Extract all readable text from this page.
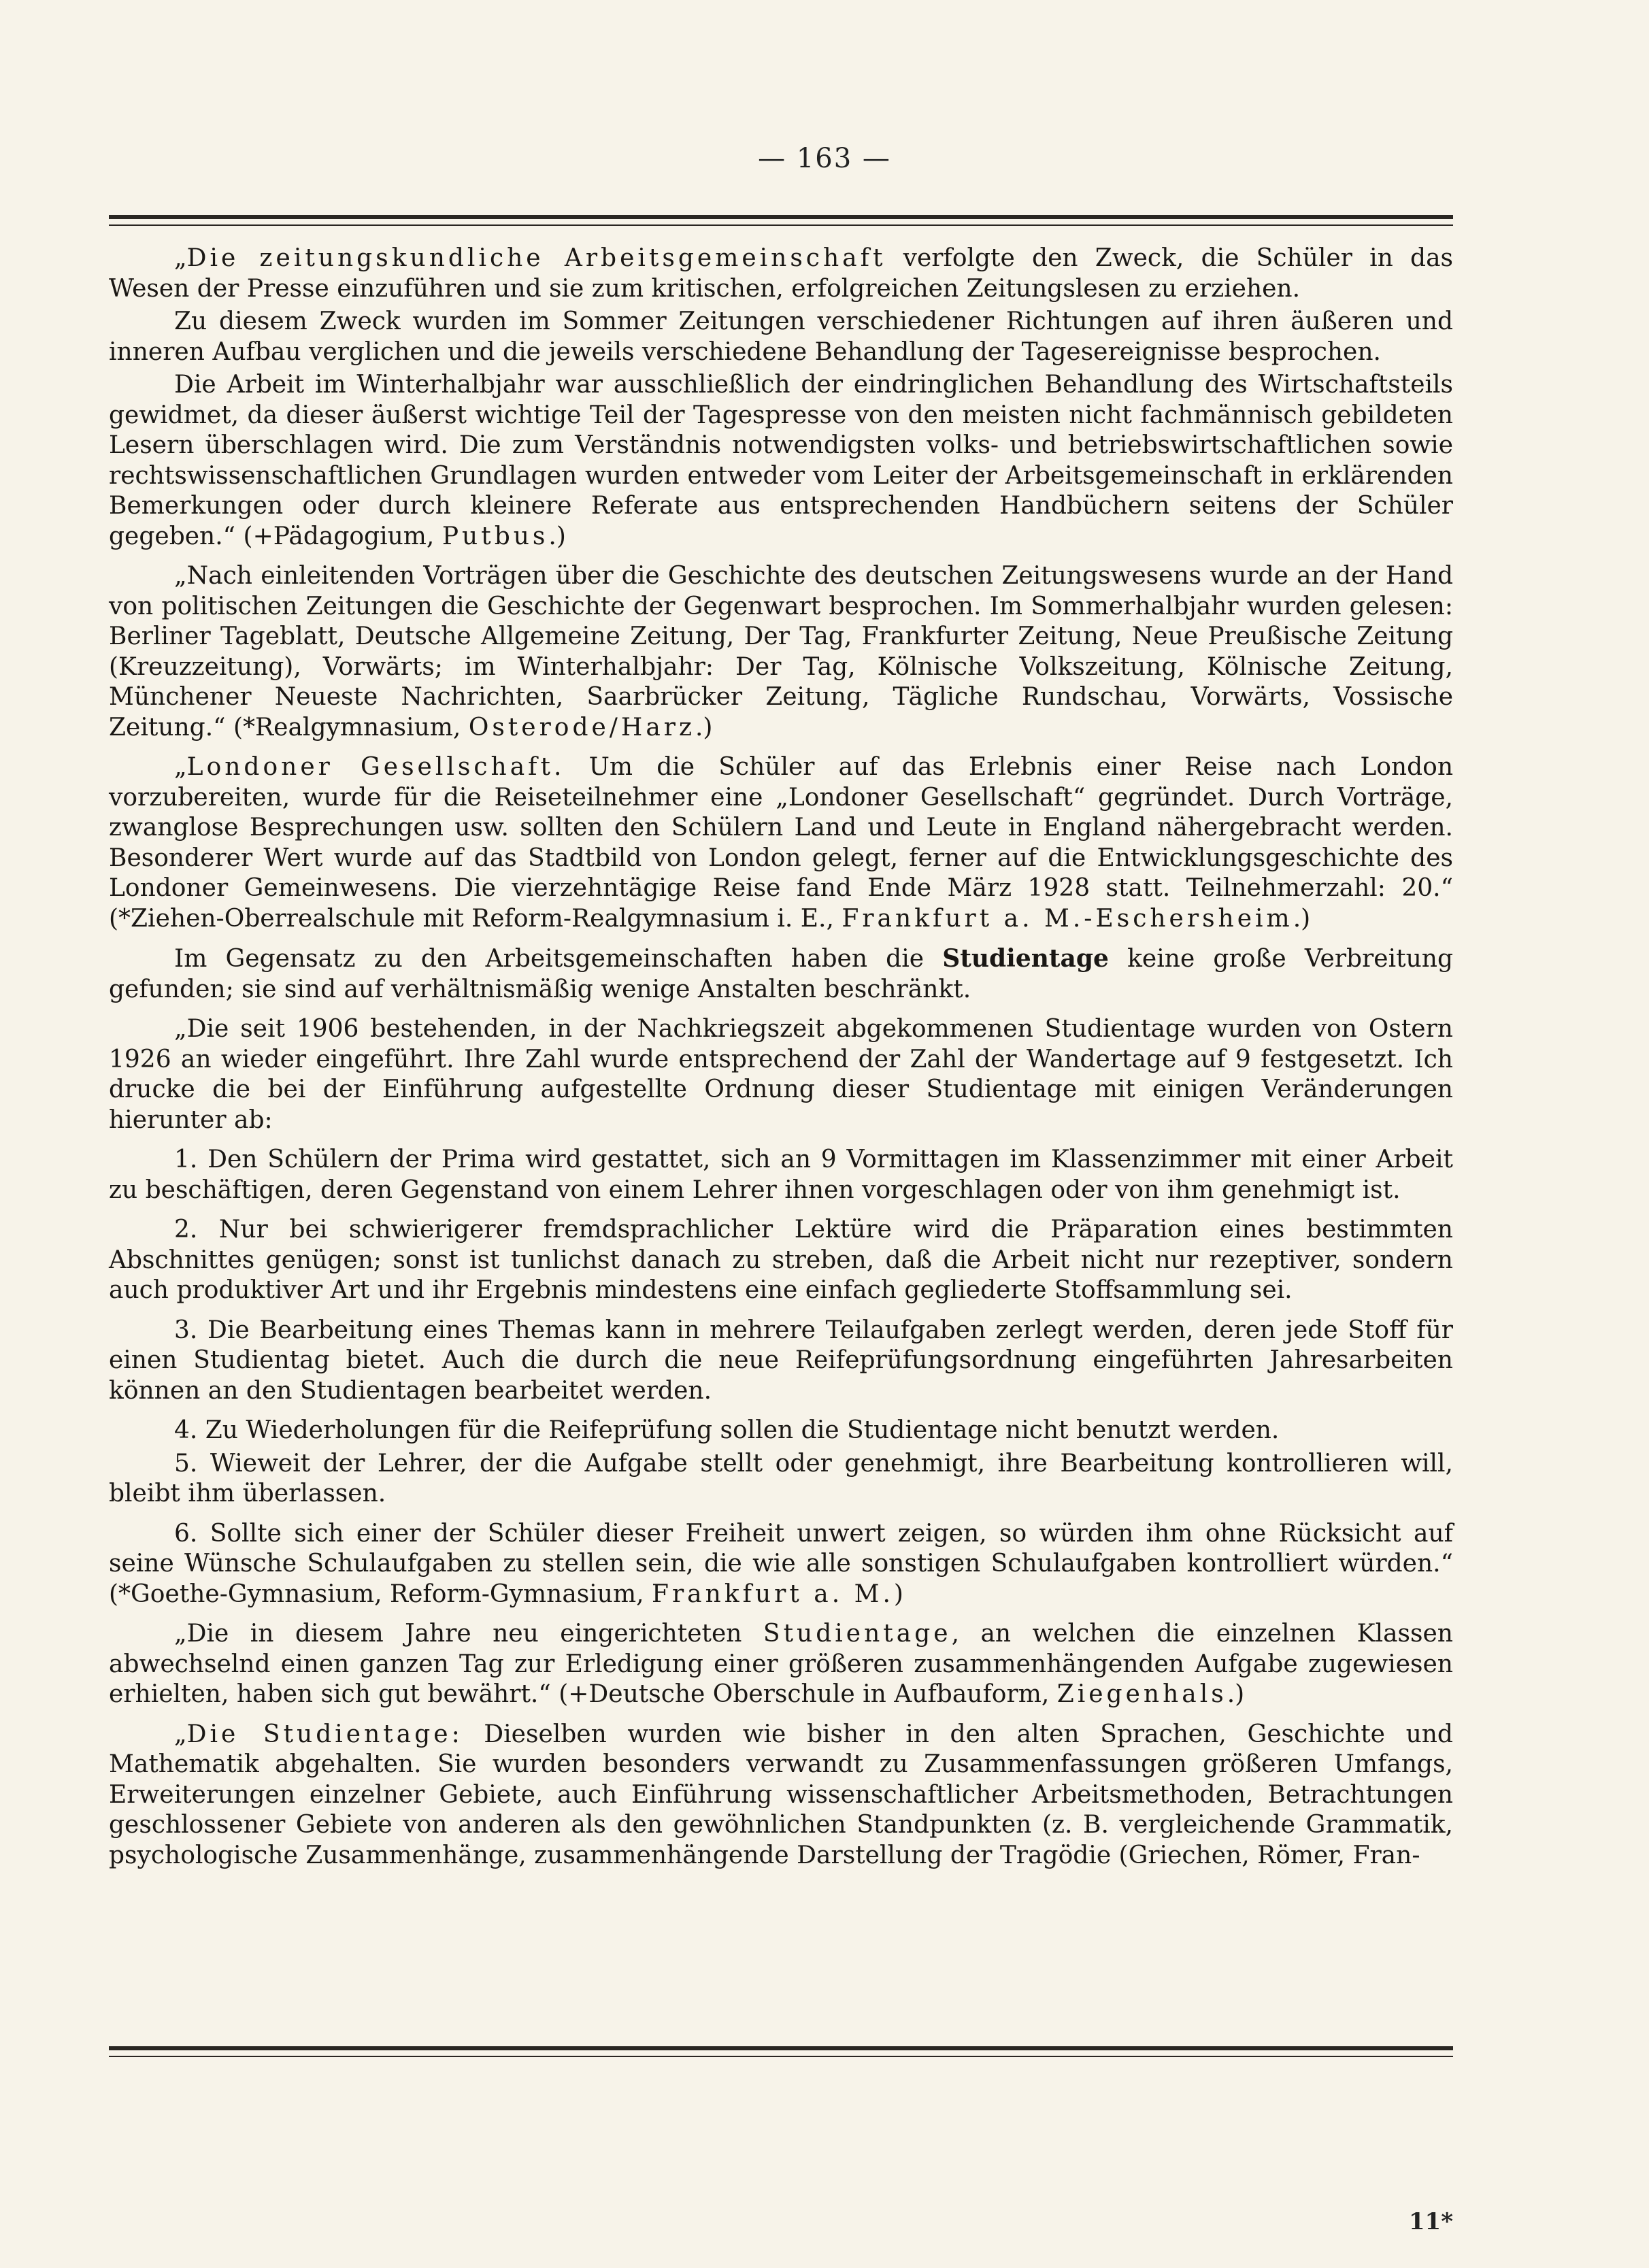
— 163 —

„Die zeitungskundliche Arbeitsgemeinschaft verfolgte den Zweck, die Schüler in das Wesen der Presse einzuführen und sie zum kritischen, erfolgreichen Zeitungslesen zu erziehen.

Zu diesem Zweck wurden im Sommer Zeitungen verschiedener Richtungen auf ihren äußeren und inneren Aufbau verglichen und die jeweils verschiedene Behandlung der Tagesereignisse besprochen.

Die Arbeit im Winterhalbjahr war ausschließlich der eindringlichen Behandlung des Wirtschaftsteils gewidmet, da dieser äußerst wichtige Teil der Tagespresse von den meisten nicht fachmännisch gebildeten Lesern überschlagen wird. Die zum Verständnis notwendigsten volks- und betriebswirtschaftlichen sowie rechtswissenschaftlichen Grundlagen wurden entweder vom Leiter der Arbeitsgemeinschaft in erklärenden Bemerkungen oder durch kleinere Referate aus entsprechenden Handbüchern seitens der Schüler gegeben.“ (+Pädagogium, Putbus.)

„Nach einleitenden Vorträgen über die Geschichte des deutschen Zeitungswesens wurde an der Hand von politischen Zeitungen die Geschichte der Gegenwart besprochen. Im Sommerhalbjahr wurden gelesen: Berliner Tageblatt, Deutsche Allgemeine Zeitung, Der Tag, Frankfurter Zeitung, Neue Preußische Zeitung (Kreuzzeitung), Vorwärts; im Winterhalbjahr: Der Tag, Kölnische Volkszeitung, Kölnische Zeitung, Münchener Neueste Nachrichten, Saarbrücker Zeitung, Tägliche Rundschau, Vorwärts, Vossische Zeitung.“ (*Realgymnasium, Osterode/Harz.)

„Londoner Gesellschaft. Um die Schüler auf das Erlebnis einer Reise nach London vorzubereiten, wurde für die Reiseteilnehmer eine „Londoner Gesellschaft“ gegründet. Durch Vorträge, zwanglose Besprechungen usw. sollten den Schülern Land und Leute in England nähergebracht werden. Besonderer Wert wurde auf das Stadtbild von London gelegt, ferner auf die Entwicklungsgeschichte des Londoner Gemeinwesens. Die vierzehntägige Reise fand Ende März 1928 statt. Teilnehmerzahl: 20.“ (*Ziehen-Oberrealschule mit Reform-Realgymnasium i. E., Frankfurt a. M.-Eschersheim.)

Im Gegensatz zu den Arbeitsgemeinschaften haben die Studientage keine große Verbreitung gefunden; sie sind auf verhältnismäßig wenige Anstalten beschränkt.

„Die seit 1906 bestehenden, in der Nachkriegszeit abgekommenen Studientage wurden von Ostern 1926 an wieder eingeführt. Ihre Zahl wurde entsprechend der Zahl der Wandertage auf 9 festgesetzt. Ich drucke die bei der Einführung aufgestellte Ordnung dieser Studientage mit einigen Veränderungen hierunter ab:

1. Den Schülern der Prima wird gestattet, sich an 9 Vormittagen im Klassenzimmer mit einer Arbeit zu beschäftigen, deren Gegenstand von einem Lehrer ihnen vorgeschlagen oder von ihm genehmigt ist.

2. Nur bei schwierigerer fremdsprachlicher Lektüre wird die Präparation eines bestimmten Abschnittes genügen; sonst ist tunlichst danach zu streben, daß die Arbeit nicht nur rezeptiver, sondern auch produktiver Art und ihr Ergebnis mindestens eine einfach gegliederte Stoffsammlung sei.

3. Die Bearbeitung eines Themas kann in mehrere Teilaufgaben zerlegt werden, deren jede Stoff für einen Studientag bietet. Auch die durch die neue Reifeprüfungsordnung eingeführten Jahresarbeiten können an den Studientagen bearbeitet werden.

4. Zu Wiederholungen für die Reifeprüfung sollen die Studientage nicht benutzt werden.

5. Wieweit der Lehrer, der die Aufgabe stellt oder genehmigt, ihre Bearbeitung kontrollieren will, bleibt ihm überlassen.

6. Sollte sich einer der Schüler dieser Freiheit unwert zeigen, so würden ihm ohne Rücksicht auf seine Wünsche Schulaufgaben zu stellen sein, die wie alle sonstigen Schulaufgaben kontrolliert würden.“ (*Goethe-Gymnasium, Reform-Gymnasium, Frankfurt a. M.)

„Die in diesem Jahre neu eingerichteten Studientage, an welchen die einzelnen Klassen abwechselnd einen ganzen Tag zur Erledigung einer größeren zusammenhängenden Aufgabe zugewiesen erhielten, haben sich gut bewährt.“ (+Deutsche Oberschule in Aufbauform, Ziegenhals.)

„Die Studientage: Dieselben wurden wie bisher in den alten Sprachen, Geschichte und Mathematik abgehalten. Sie wurden besonders verwandt zu Zusammenfassungen größeren Umfangs, Erweiterungen einzelner Gebiete, auch Einführung wissenschaftlicher Arbeitsmethoden, Betrachtungen geschlossener Gebiete von anderen als den gewöhnlichen Standpunkten (z. B. vergleichende Grammatik, psychologische Zusammenhänge, zusammenhängende Darstellung der Tragödie (Griechen, Römer, Fran-

11*
